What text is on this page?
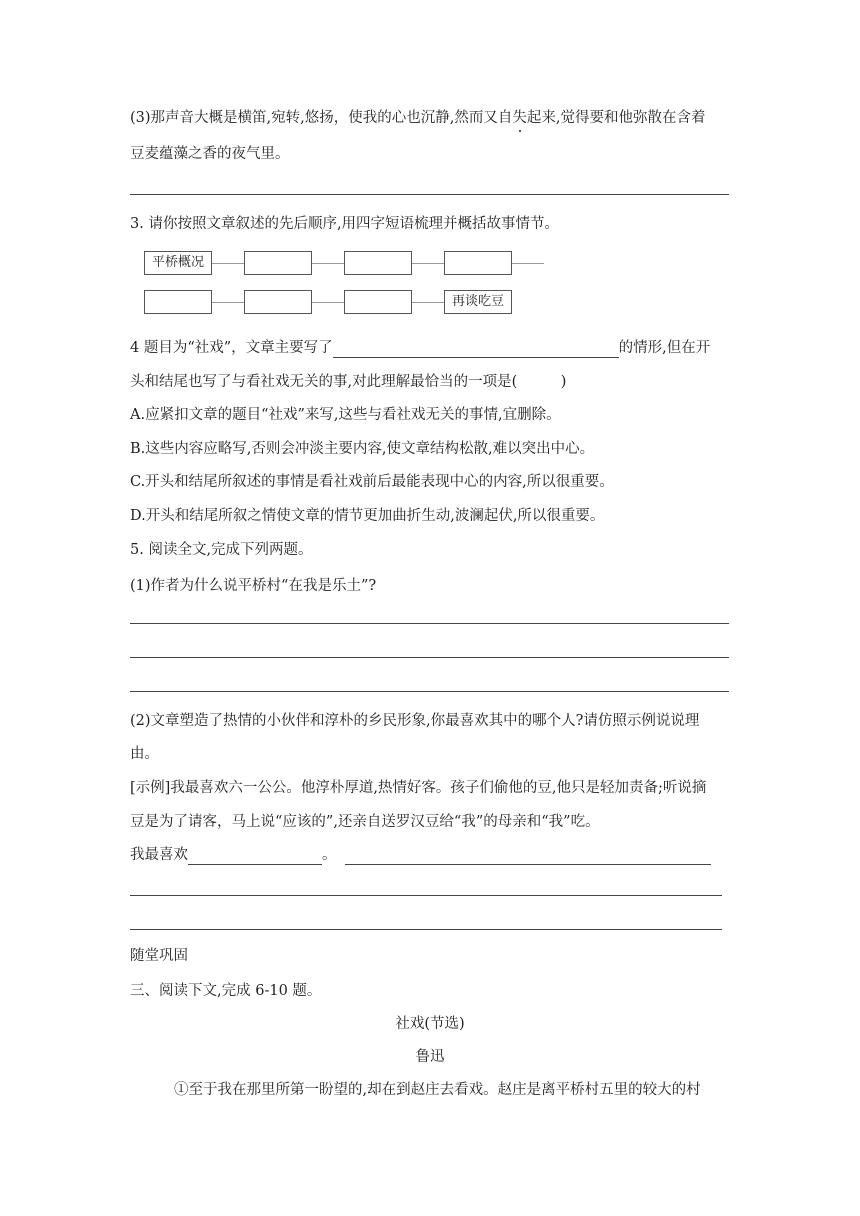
(3)那声音大概是横笛,宛转,悠扬，使我的心也沉静,然而又自失起来,觉得要和他弥散在含着
豆麦蕴藻之香的夜气里。
3. 请你按照文章叙述的先后顺序,用四字短语梳理并概括故事情节。
平桥概况
再谈吃豆
4 题目为“社戏”，文章主要写了	的情形,但在开
头和结尾也写了与看社戏无关的事,对此理解最恰当的一项是(　　　)
A.应紧扣文章的题目“社戏”来写,这些与看社戏无关的事情,宜删除。
B.这些内容应略写,否则会冲淡主要内容,使文章结构松散,难以突出中心。
C.开头和结尾所叙述的事情是看社戏前后最能表现中心的内容,所以很重要。
D.开头和结尾所叙之情使文章的情节更加曲折生动,波澜起伏,所以很重要。
5. 阅读全文,完成下列两题。
(1)作者为什么说平桥村“在我是乐土”?
(2)文章塑造了热情的小伙伴和淳朴的乡民形象,你最喜欢其中的哪个人?请仿照示例说说理
由。
[示例]我最喜欢六一公公。他淳朴厚道,热情好客。孩子们偷他的豆,他只是轻加责备;听说摘
豆是为了请客，马上说“应该的”,还亲自送罗汉豆给“我”的母亲和“我”吃。
我最喜欢	。
随堂巩固
三、阅读下文,完成 6-10 题。
社戏(节选)
鲁迅
①至于我在那里所第一盼望的,却在到赵庄去看戏。赵庄是离平桥村五里的较大的村
